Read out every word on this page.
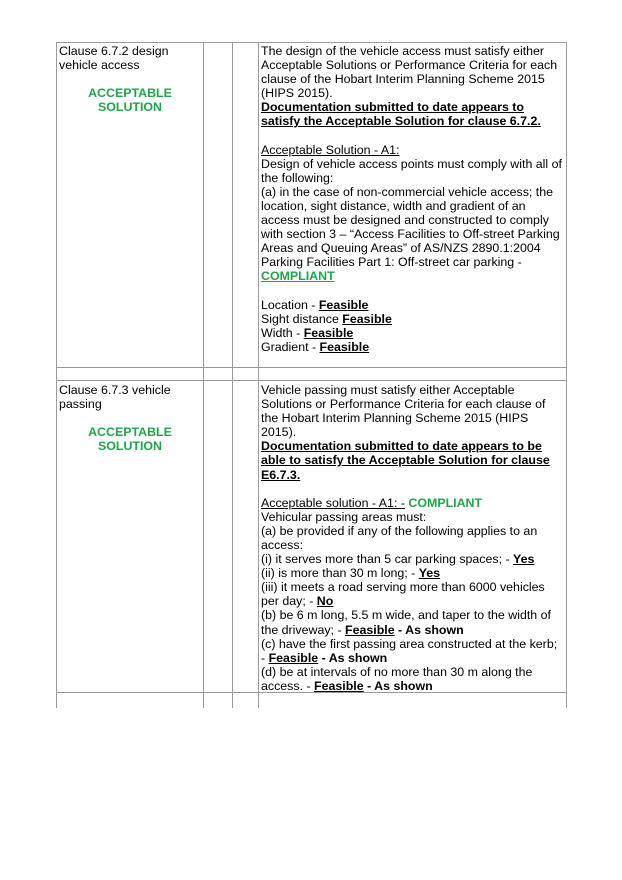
Clause 6.7.2 design vehicle access
ACCEPTABLE SOLUTION

The design of the vehicle access must satisfy either Acceptable Solutions or Performance Criteria for each clause of the Hobart Interim Planning Scheme 2015 (HIPS 2015).

Documentation submitted to date appears to satisfy the Acceptable Solution for clause 6.7.2.

Acceptable Solution - A1:

Design of vehicle access points must comply with all of the following:

(a) in the case of non-commercial vehicle access; the location, sight distance, width and gradient of an access must be designed and constructed to comply with section 3 – “Access Facilities to Off-street Parking Areas and Queuing Areas” of AS/NZS 2890.1:2004 Parking Facilities Part 1: Off-street car parking - COMPLIANT

Location - Feasible

Sight distance Feasible

Width - Feasible

Gradient - Feasible

Clause 6.7.3 vehicle passing
ACCEPTABLE SOLUTION

Vehicle passing must satisfy either Acceptable Solutions or Performance Criteria for each clause of the Hobart Interim Planning Scheme 2015 (HIPS 2015).

Documentation submitted to date appears to be able to satisfy the Acceptable Solution for clause E6.7.3.

Acceptable solution - A1: - COMPLIANT

Vehicular passing areas must:

(a) be provided if any of the following applies to an access:

(i) it serves more than 5 car parking spaces; - Yes

(ii) is more than 30 m long; - Yes

(iii) it meets a road serving more than 6000 vehicles per day; - No

(b) be 6 m long, 5.5 m wide, and taper to the width of the driveway; - Feasible - As shown

(c) have the first passing area constructed at the kerb;

- Feasible - As shown

(d) be at intervals of no more than 30 m along the access. - Feasible - As shown
